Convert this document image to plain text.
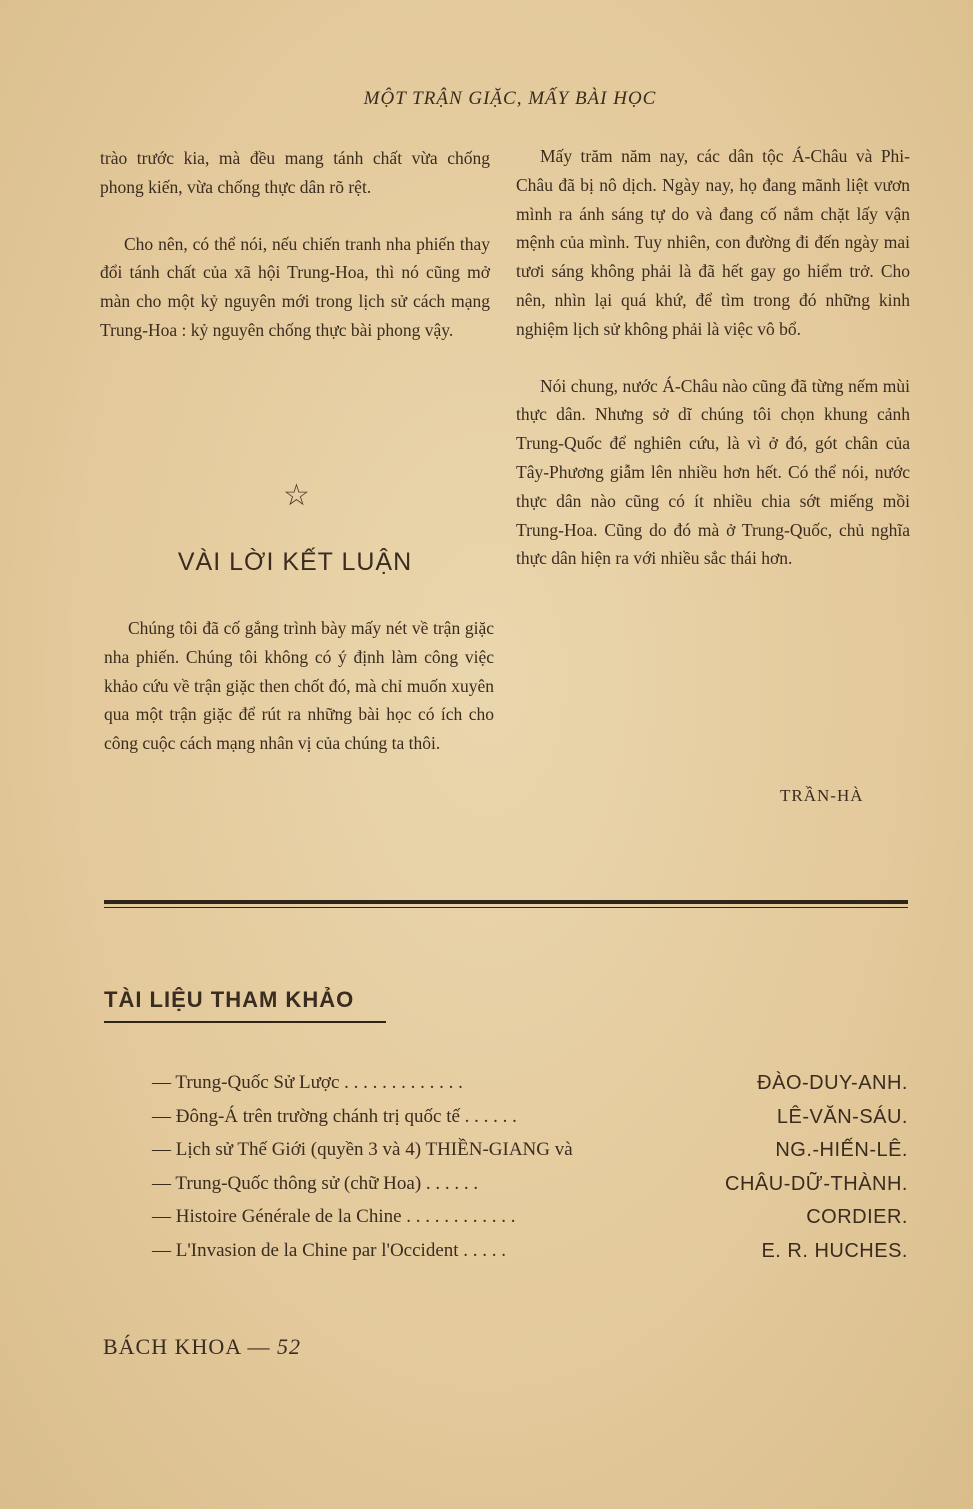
MỘT TRẬN GIẶC, MẤY BÀI HỌC

trào trước kia, mà đều mang tánh chất vừa chống phong kiến, vừa chống thực dân rõ rệt.

Cho nên, có thể nói, nếu chiến tranh nha phiến thay đổi tánh chất của xã hội Trung-Hoa, thì nó cũng mở màn cho một kỷ nguyên mới trong lịch sử cách mạng Trung-Hoa : kỷ nguyên chống thực bài phong vậy.

☆
VÀI LỜI KẾT LUẬN

Chúng tôi đã cố gắng trình bày mấy nét về trận giặc nha phiến. Chúng tôi không có ý định làm công việc khảo cứu về trận giặc then chốt đó, mà chỉ muốn xuyên qua một trận giặc để rút ra những bài học có ích cho công cuộc cách mạng nhân vị của chúng ta thôi.

Mấy trăm năm nay, các dân tộc Á-Châu và Phi-Châu đã bị nô dịch. Ngày nay, họ đang mãnh liệt vươn mình ra ánh sáng tự do và đang cố nắm chặt lấy vận mệnh của mình. Tuy nhiên, con đường đi đến ngày mai tươi sáng không phải là đã hết gay go hiểm trở. Cho nên, nhìn lại quá khứ, để tìm trong đó những kinh nghiệm lịch sử không phải là việc vô bổ.

Nói chung, nước Á-Châu nào cũng đã từng nếm mùi thực dân. Nhưng sở dĩ chúng tôi chọn khung cảnh Trung-Quốc để nghiên cứu, là vì ở đó, gót chân của Tây-Phương giẫm lên nhiều hơn hết. Có thể nói, nước thực dân nào cũng có ít nhiều chia sớt miếng mồi Trung-Hoa. Cũng do đó mà ở Trung-Quốc, chủ nghĩa thực dân hiện ra với nhiều sắc thái hơn.

TRẦN-HÀ
TÀI LIỆU THAM KHẢO
— Trung-Quốc Sử Lược . . . . . . . . . . . . .	ĐÀO-DUY-ANH.
— Đông-Á trên trường chánh trị quốc tế . . . . . .	LÊ-VĂN-SÁU.
— Lịch sử Thế Giới (quyền 3 và 4) THIỀN-GIANG và	NG.-HIẾN-LÊ.
— Trung-Quốc thông sử (chữ Hoa) . . . . . .	CHÂU-DỮ-THÀNH.
— Histoire Générale de la Chine . . . . . . . . . . . .	CORDIER.
— L'Invasion de la Chine par l'Occident . . . . .	E. R. HUCHES.
BÁCH KHOA — 52
